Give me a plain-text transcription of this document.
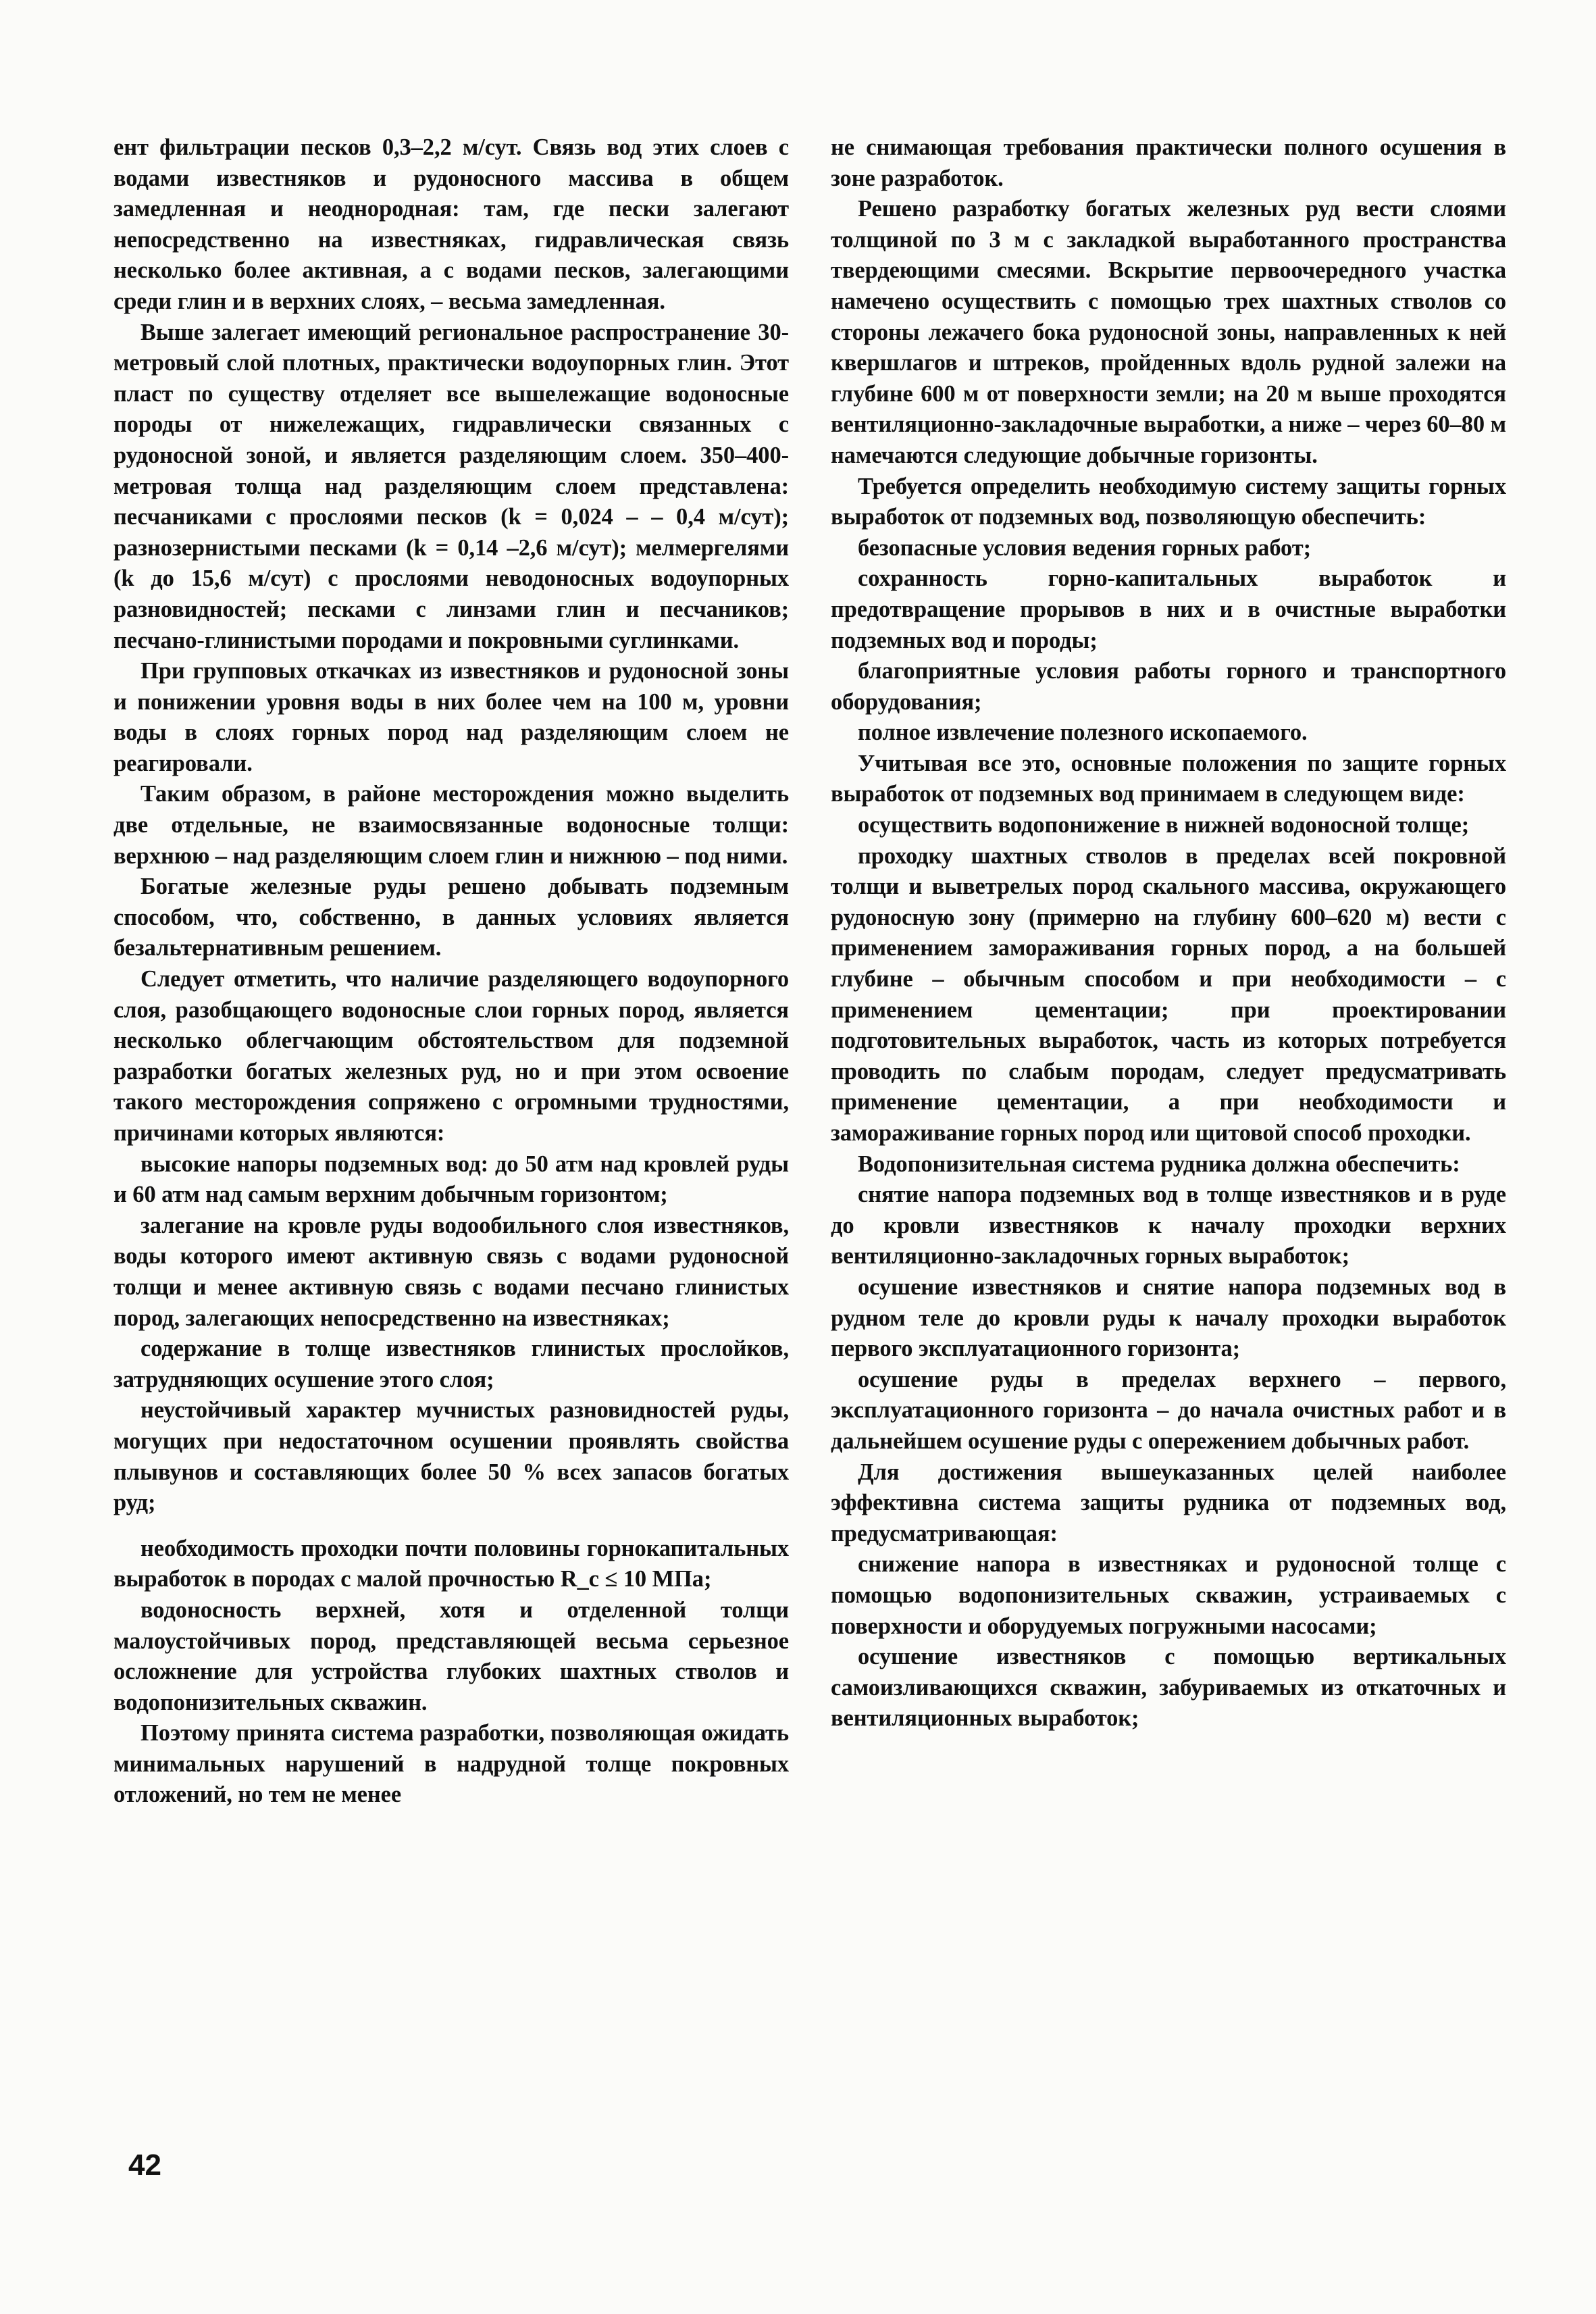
ент фильтрации песков 0,3–2,2 м/сут. Связь вод этих слоев с водами известняков и рудоносного массива в общем замедленная и неоднородная: там, где пески залегают непосредственно на известняках, гидравлическая связь несколько более активная, а с водами песков, залегающими среди глин и в верхних слоях, – весьма замедленная.

Выше залегает имеющий региональное распространение 30-метровый слой плотных, практически водоупорных глин. Этот пласт по существу отделяет все вышележащие водоносные породы от нижележащих, гидравлически связанных с рудоносной зоной, и является разделяющим слоем. 350–400-метровая толща над разделяющим слоем представлена: песчаниками с прослоями песков (k = 0,024 – – 0,4 м/сут); разнозернистыми песками (k = 0,14 –2,6 м/сут); мелмергелями (k до 15,6 м/сут) с прослоями неводоносных водоупорных разновидностей; песками с линзами глин и песчаников; песчано-глинистыми породами и покровными суглинками.

При групповых откачках из известняков и рудоносной зоны и понижении уровня воды в них более чем на 100 м, уровни воды в слоях горных пород над разделяющим слоем не реагировали.

Таким образом, в районе месторождения можно выделить две отдельные, не взаимосвязанные водоносные толщи: верхнюю – над разделяющим слоем глин и нижнюю – под ними.

Богатые железные руды решено добывать подземным способом, что, собственно, в данных условиях является безальтернативным решением.

Следует отметить, что наличие разделяющего водоупорного слоя, разобщающего водоносные слои горных пород, является несколько облегчающим обстоятельством для подземной разработки богатых железных руд, но и при этом освоение такого месторождения сопряжено с огромными трудностями, причинами которых являются:

высокие напоры подземных вод: до 50 атм над кровлей руды и 60 атм над самым верхним добычным горизонтом;

залегание на кровле руды водообильного слоя известняков, воды которого имеют активную связь с водами рудоносной толщи и менее активную связь с водами песчано глинистых пород, залегающих непосредственно на известняках;

содержание в толще известняков глинистых прослойков, затрудняющих осушение этого слоя;

неустойчивый характер мучнистых разновидностей руды, могущих при недостаточном осушении проявлять свойства плывунов и составляющих более 50 % всех запасов богатых руд;

необходимость проходки почти половины горнокапитальных выработок в породах с малой прочностью R_c ≤ 10 МПа;

водоносность верхней, хотя и отделенной толщи малоустойчивых пород, представляющей весьма серьезное осложнение для устройства глубоких шахтных стволов и водопонизительных скважин.

Поэтому принята система разработки, позволяющая ожидать минимальных нарушений в надрудной толще покровных отложений, но тем не менее

не снимающая требования практически полного осушения в зоне разработок.

Решено разработку богатых железных руд вести слоями толщиной по 3 м с закладкой выработанного пространства твердеющими смесями. Вскрытие первоочередного участка намечено осуществить с помощью трех шахтных стволов со стороны лежачего бока рудоносной зоны, направленных к ней квершлагов и штреков, пройденных вдоль рудной залежи на глубине 600 м от поверхности земли; на 20 м выше проходятся вентиляционно-закладочные выработки, а ниже – через 60–80 м намечаются следующие добычные горизонты.

Требуется определить необходимую систему защиты горных выработок от подземных вод, позволяющую обеспечить:

безопасные условия ведения горных работ;

сохранность горно-капитальных выработок и предотвращение прорывов в них и в очистные выработки подземных вод и породы;

благоприятные условия работы горного и транспортного оборудования;

полное извлечение полезного ископаемого.

Учитывая все это, основные положения по защите горных выработок от подземных вод принимаем в следующем виде:

осуществить водопонижение в нижней водоносной толще;

проходку шахтных стволов в пределах всей покровной толщи и выветрелых пород скального массива, окружающего рудоносную зону (примерно на глубину 600–620 м) вести с применением замораживания горных пород, а на большей глубине – обычным способом и при необходимости – с применением цементации; при проектировании подготовительных выработок, часть из которых потребуется проводить по слабым породам, следует предусматривать применение цементации, а при необходимости и замораживание горных пород или щитовой способ проходки.

Водопонизительная система рудника должна обеспечить:

снятие напора подземных вод в толще известняков и в руде до кровли известняков к началу проходки верхних вентиляционно-закладочных горных выработок;

осушение известняков и снятие напора подземных вод в рудном теле до кровли руды к началу проходки выработок первого эксплуатационного горизонта;

осушение руды в пределах верхнего – первого, эксплуатационного горизонта – до начала очистных работ и в дальнейшем осушение руды с опережением добычных работ.

Для достижения вышеуказанных целей наиболее эффективна система защиты рудника от подземных вод, предусматривающая:

снижение напора в известняках и рудоносной толще с помощью водопонизительных скважин, устраиваемых с поверхности и оборудуемых погружными насосами;

осушение известняков с помощью вертикальных самоизливающихся скважин, забуриваемых из откаточных и вентиляционных выработок;

42
